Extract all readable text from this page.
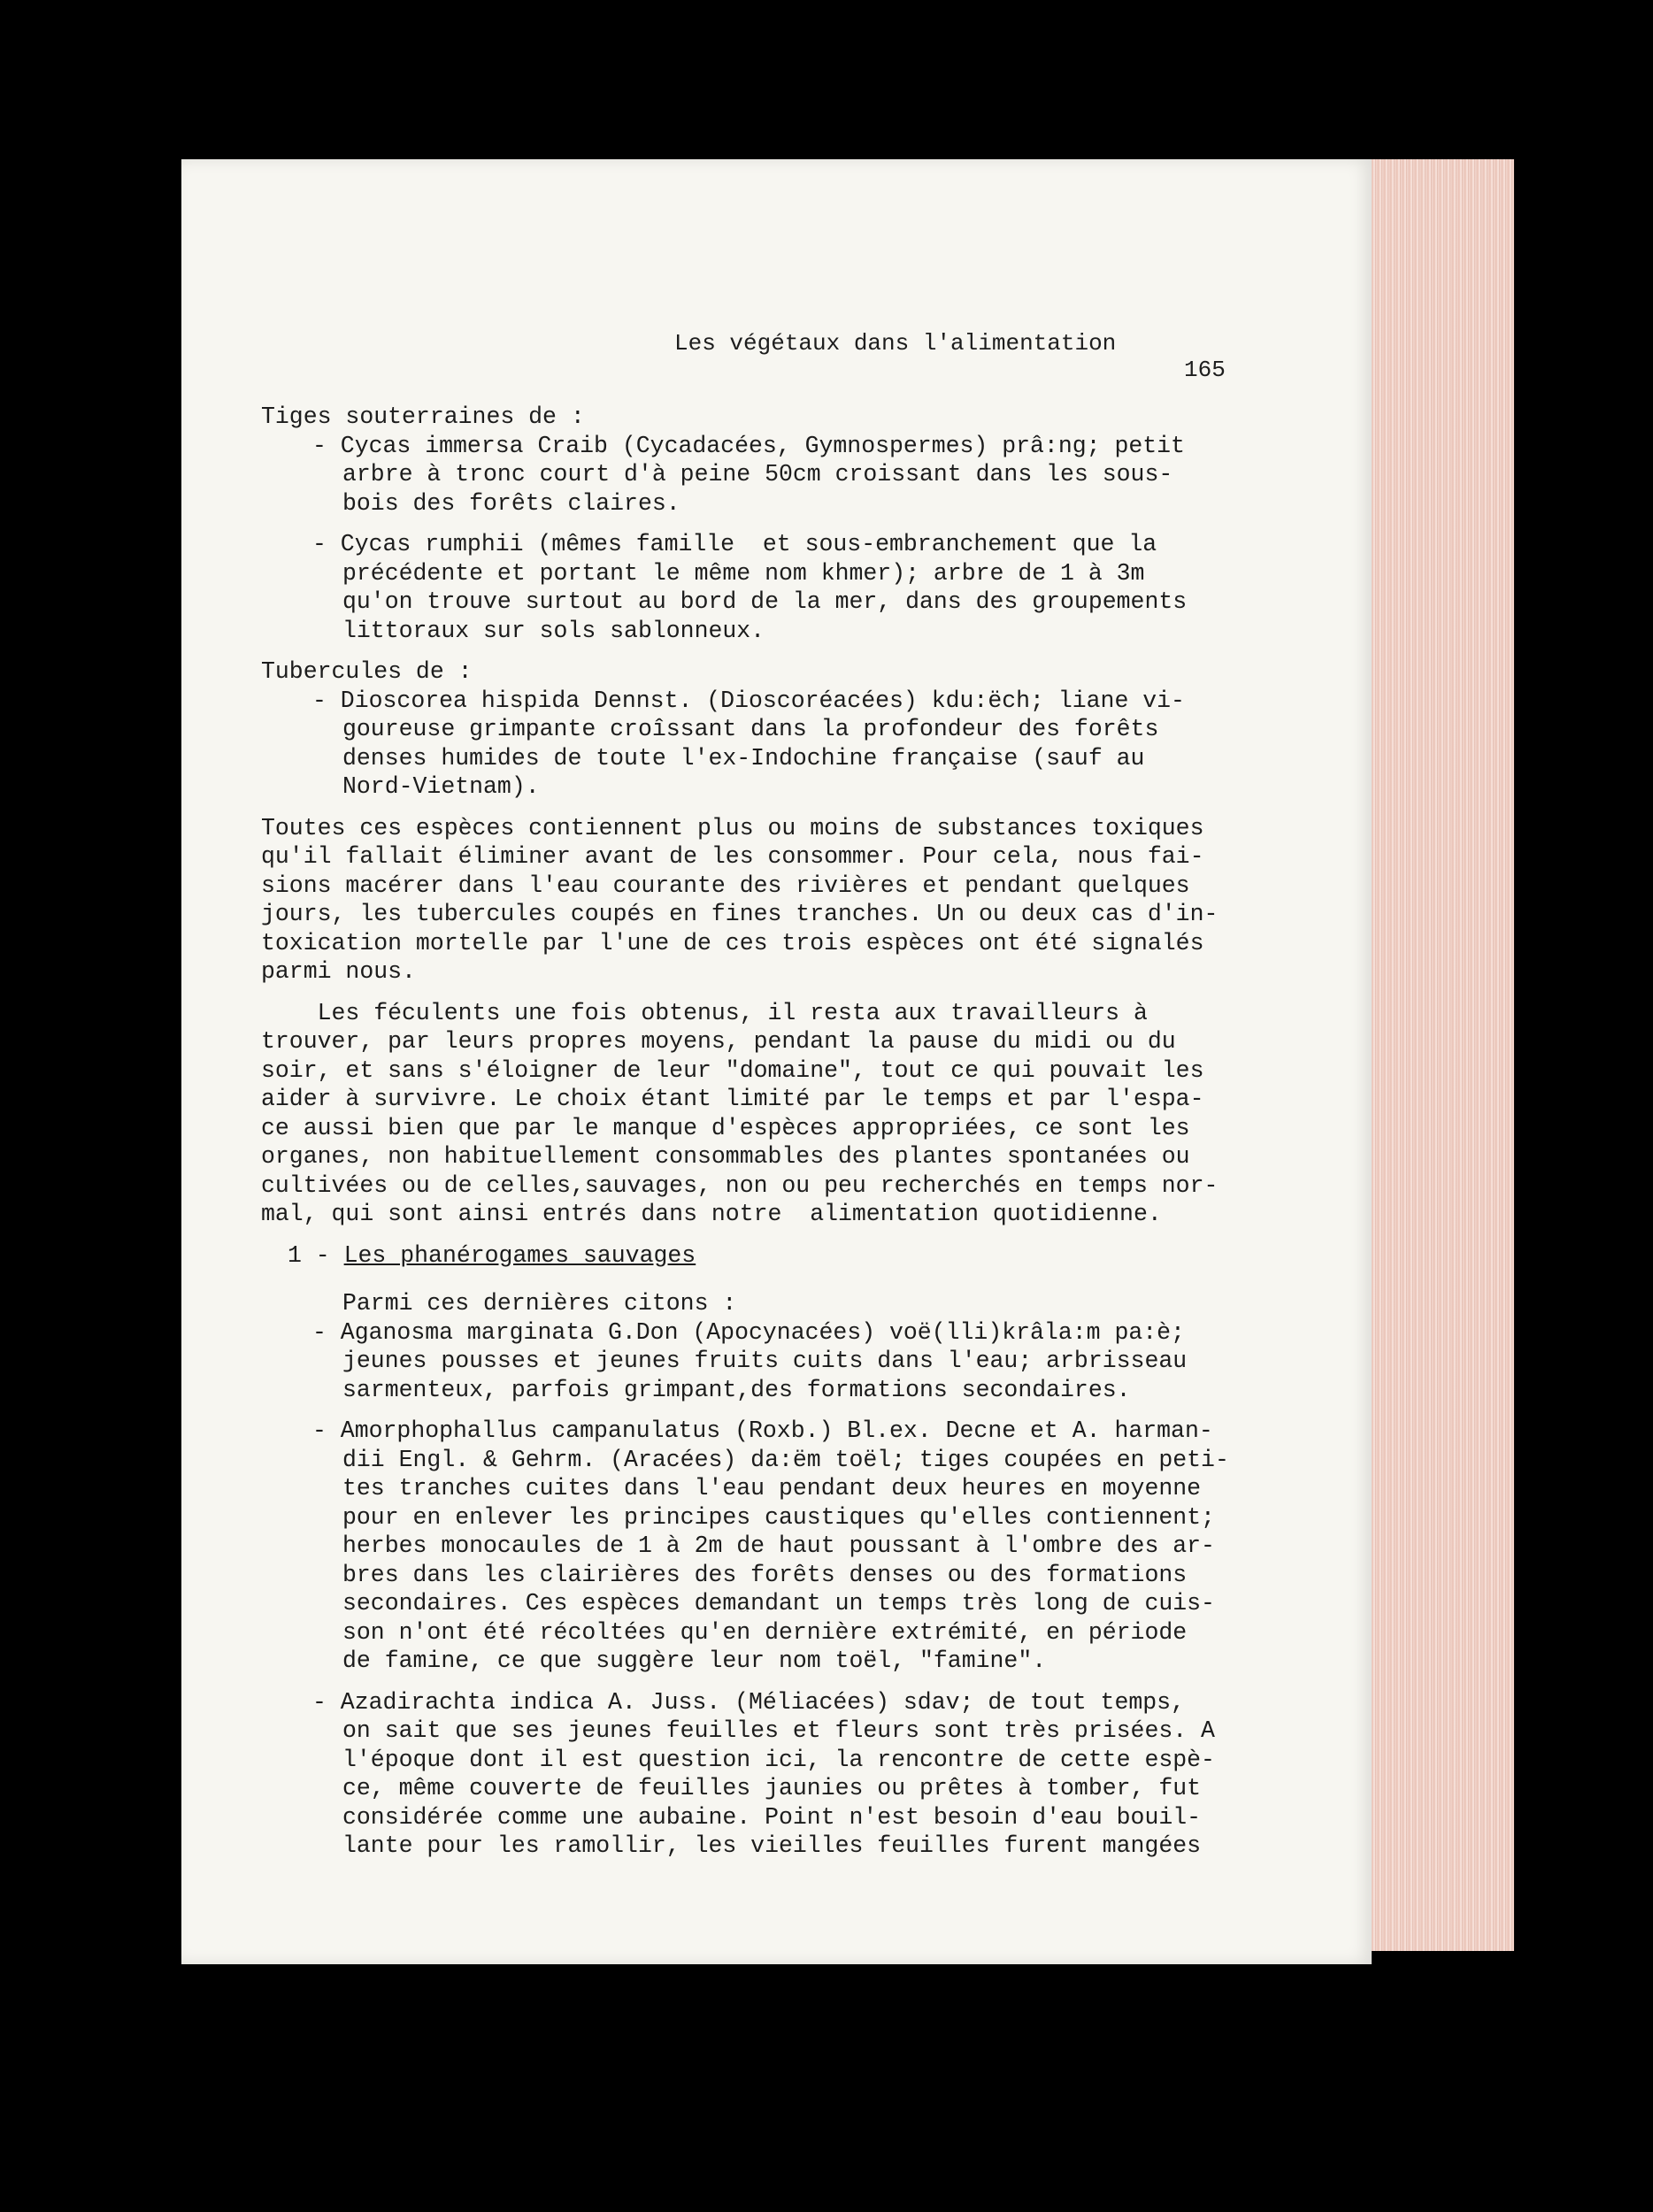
Les végétaux dans l'alimentation

165

Tiges souterraines de :
- Cycas immersa Craib (Cycadacées, Gymnospermes) prâ:ng; petit
arbre à tronc court d'à peine 50cm croissant dans les sous-
bois des forêts claires.
- Cycas rumphii (mêmes famille  et sous-embranchement que la
précédente et portant le même nom khmer); arbre de 1 à 3m
qu'on trouve surtout au bord de la mer, dans des groupements
littoraux sur sols sablonneux.
Tubercules de :
- Dioscorea hispida Dennst. (Dioscoréacées) kdu:ëch; liane vi-
goureuse grimpante croîssant dans la profondeur des forêts
denses humides de toute l'ex-Indochine française (sauf au
Nord-Vietnam).
Toutes ces espèces contiennent plus ou moins de substances toxiques
qu'il fallait éliminer avant de les consommer. Pour cela, nous fai-
sions macérer dans l'eau courante des rivières et pendant quelques
jours, les tubercules coupés en fines tranches. Un ou deux cas d'in-
toxication mortelle par l'une de ces trois espèces ont été signalés
parmi nous.
Les féculents une fois obtenus, il resta aux travailleurs à
trouver, par leurs propres moyens, pendant la pause du midi ou du
soir, et sans s'éloigner de leur "domaine", tout ce qui pouvait les
aider à survivre. Le choix étant limité par le temps et par l'espa-
ce aussi bien que par le manque d'espèces appropriées, ce sont les
organes, non habituellement consommables des plantes spontanées ou
cultivées ou de celles,sauvages, non ou peu recherchés en temps nor-
mal, qui sont ainsi entrés dans notre  alimentation quotidienne.
1 - Les phanérogames sauvages
Parmi ces dernières citons :
- Aganosma marginata G.Don (Apocynacées) voë(lli)krâla:m pa:è;
jeunes pousses et jeunes fruits cuits dans l'eau; arbrisseau
sarmenteux, parfois grimpant,des formations secondaires.
- Amorphophallus campanulatus (Roxb.) Bl.ex. Decne et A. harman-
dii Engl. & Gehrm. (Aracées) da:ëm toël; tiges coupées en peti-
tes tranches cuites dans l'eau pendant deux heures en moyenne
pour en enlever les principes caustiques qu'elles contiennent;
herbes monocaules de 1 à 2m de haut poussant à l'ombre des ar-
bres dans les clairières des forêts denses ou des formations
secondaires. Ces espèces demandant un temps très long de cuis-
son n'ont été récoltées qu'en dernière extrémité, en période
de famine, ce que suggère leur nom toël, "famine".
- Azadirachta indica A. Juss. (Méliacées) sdav; de tout temps,
on sait que ses jeunes feuilles et fleurs sont très prisées. A
l'époque dont il est question ici, la rencontre de cette espè-
ce, même couverte de feuilles jaunies ou prêtes à tomber, fut
considérée comme une aubaine. Point n'est besoin d'eau bouil-
lante pour les ramollir, les vieilles feuilles furent mangées
